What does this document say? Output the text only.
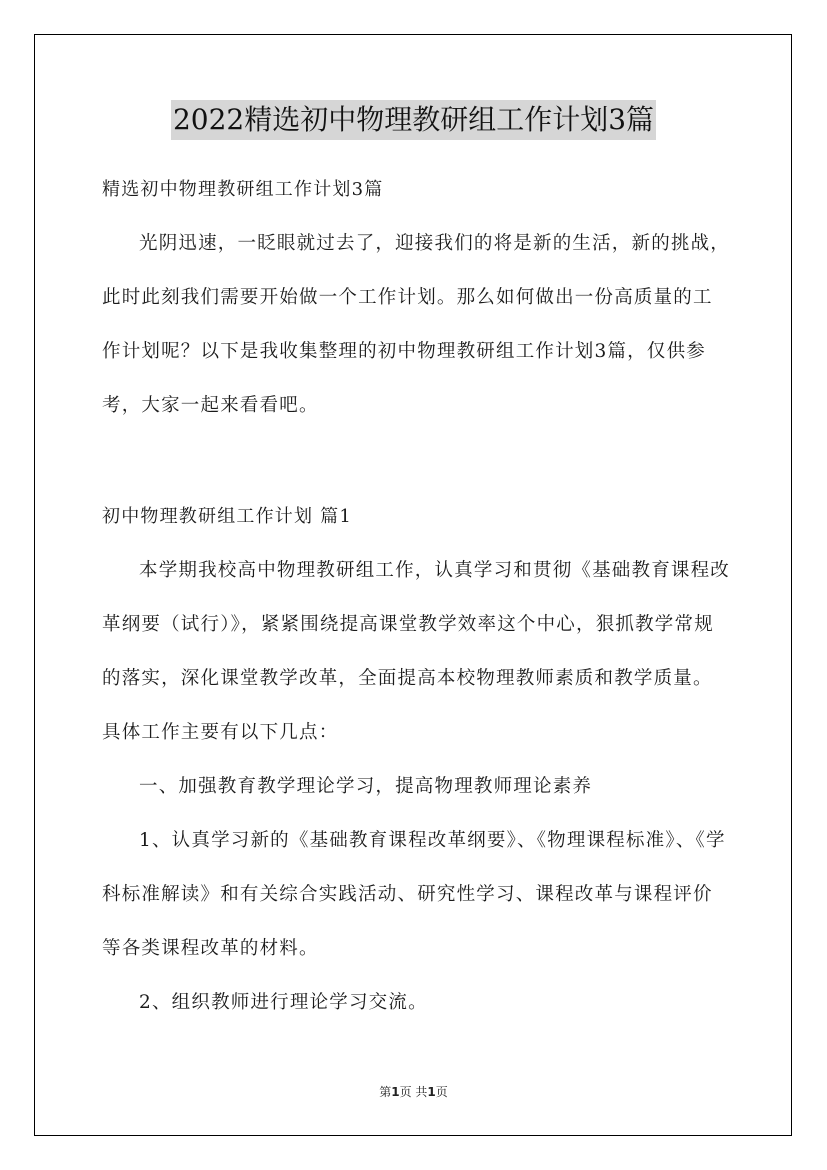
2022精选初中物理教研组工作计划3篇

精选初中物理教研组工作计划3篇

光阴迅速，一眨眼就过去了，迎接我们的将是新的生活，新的挑战，此时此刻我们需要开始做一个工作计划。那么如何做出一份高质量的工作计划呢？以下是我收集整理的初中物理教研组工作计划3篇，仅供参考，大家一起来看看吧。

初中物理教研组工作计划 篇1

本学期我校高中物理教研组工作，认真学习和贯彻《基础教育课程改革纲要（试行）》，紧紧围绕提高课堂教学效率这个中心，狠抓教学常规的落实，深化课堂教学改革，全面提高本校物理教师素质和教学质量。具体工作主要有以下几点：

一、加强教育教学理论学习，提高物理教师理论素养

1、认真学习新的《基础教育课程改革纲要》、《物理课程标准》、《学科标准解读》和有关综合实践活动、研究性学习、课程改革与课程评价等各类课程改革的材料。

2、组织教师进行理论学习交流。

第1页 共1页
